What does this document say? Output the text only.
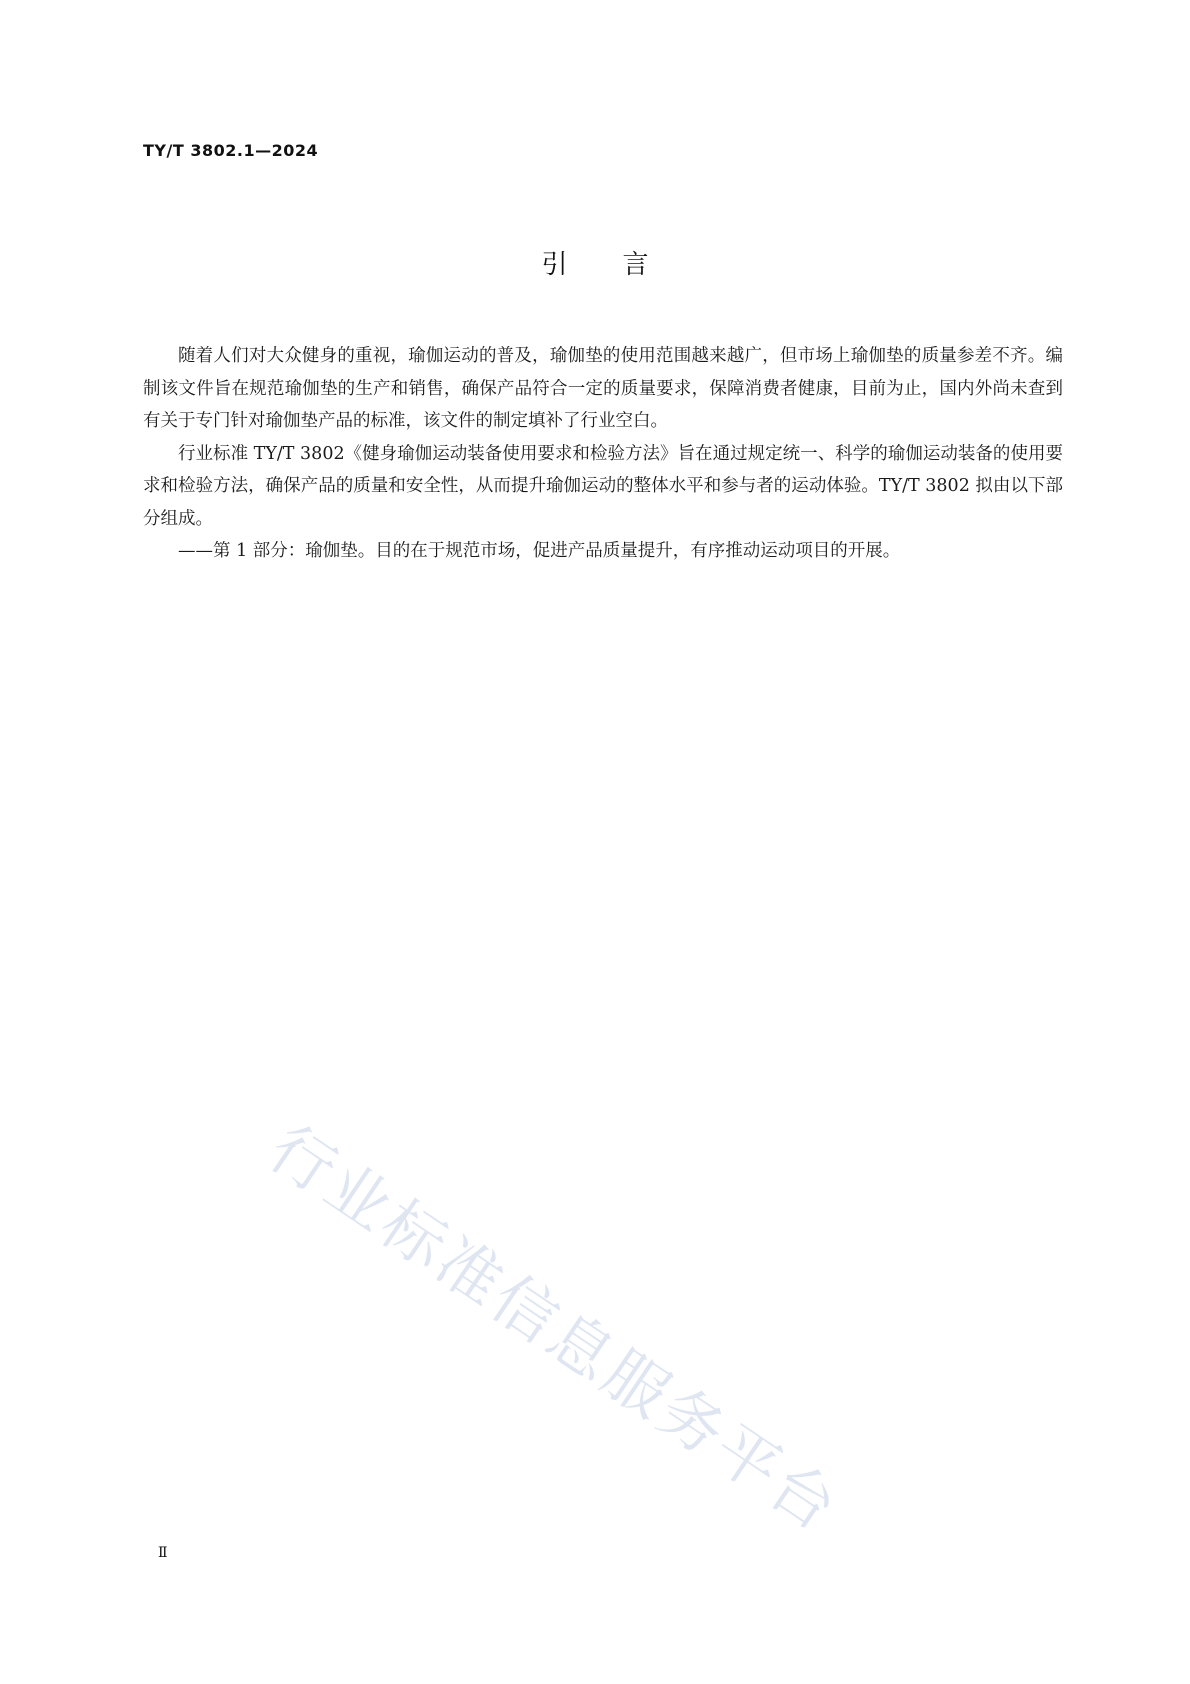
TY/T 3802.1—2024
引言

随着人们对大众健身的重视，瑜伽运动的普及，瑜伽垫的使用范围越来越广，但市场上瑜伽垫的质量参差不齐。编制该文件旨在规范瑜伽垫的生产和销售，确保产品符合一定的质量要求，保障消费者健康，目前为止，国内外尚未查到有关于专门针对瑜伽垫产品的标准，该文件的制定填补了行业空白。

行业标准 TY/T 3802《健身瑜伽运动装备使用要求和检验方法》旨在通过规定统一、科学的瑜伽运动装备的使用要求和检验方法，确保产品的质量和安全性，从而提升瑜伽运动的整体水平和参与者的运动体验。TY/T 3802 拟由以下部分组成。

——第 1 部分：瑜伽垫。目的在于规范市场，促进产品质量提升，有序推动运动项目的开展。

行业标准信息服务平台
Ⅱ
